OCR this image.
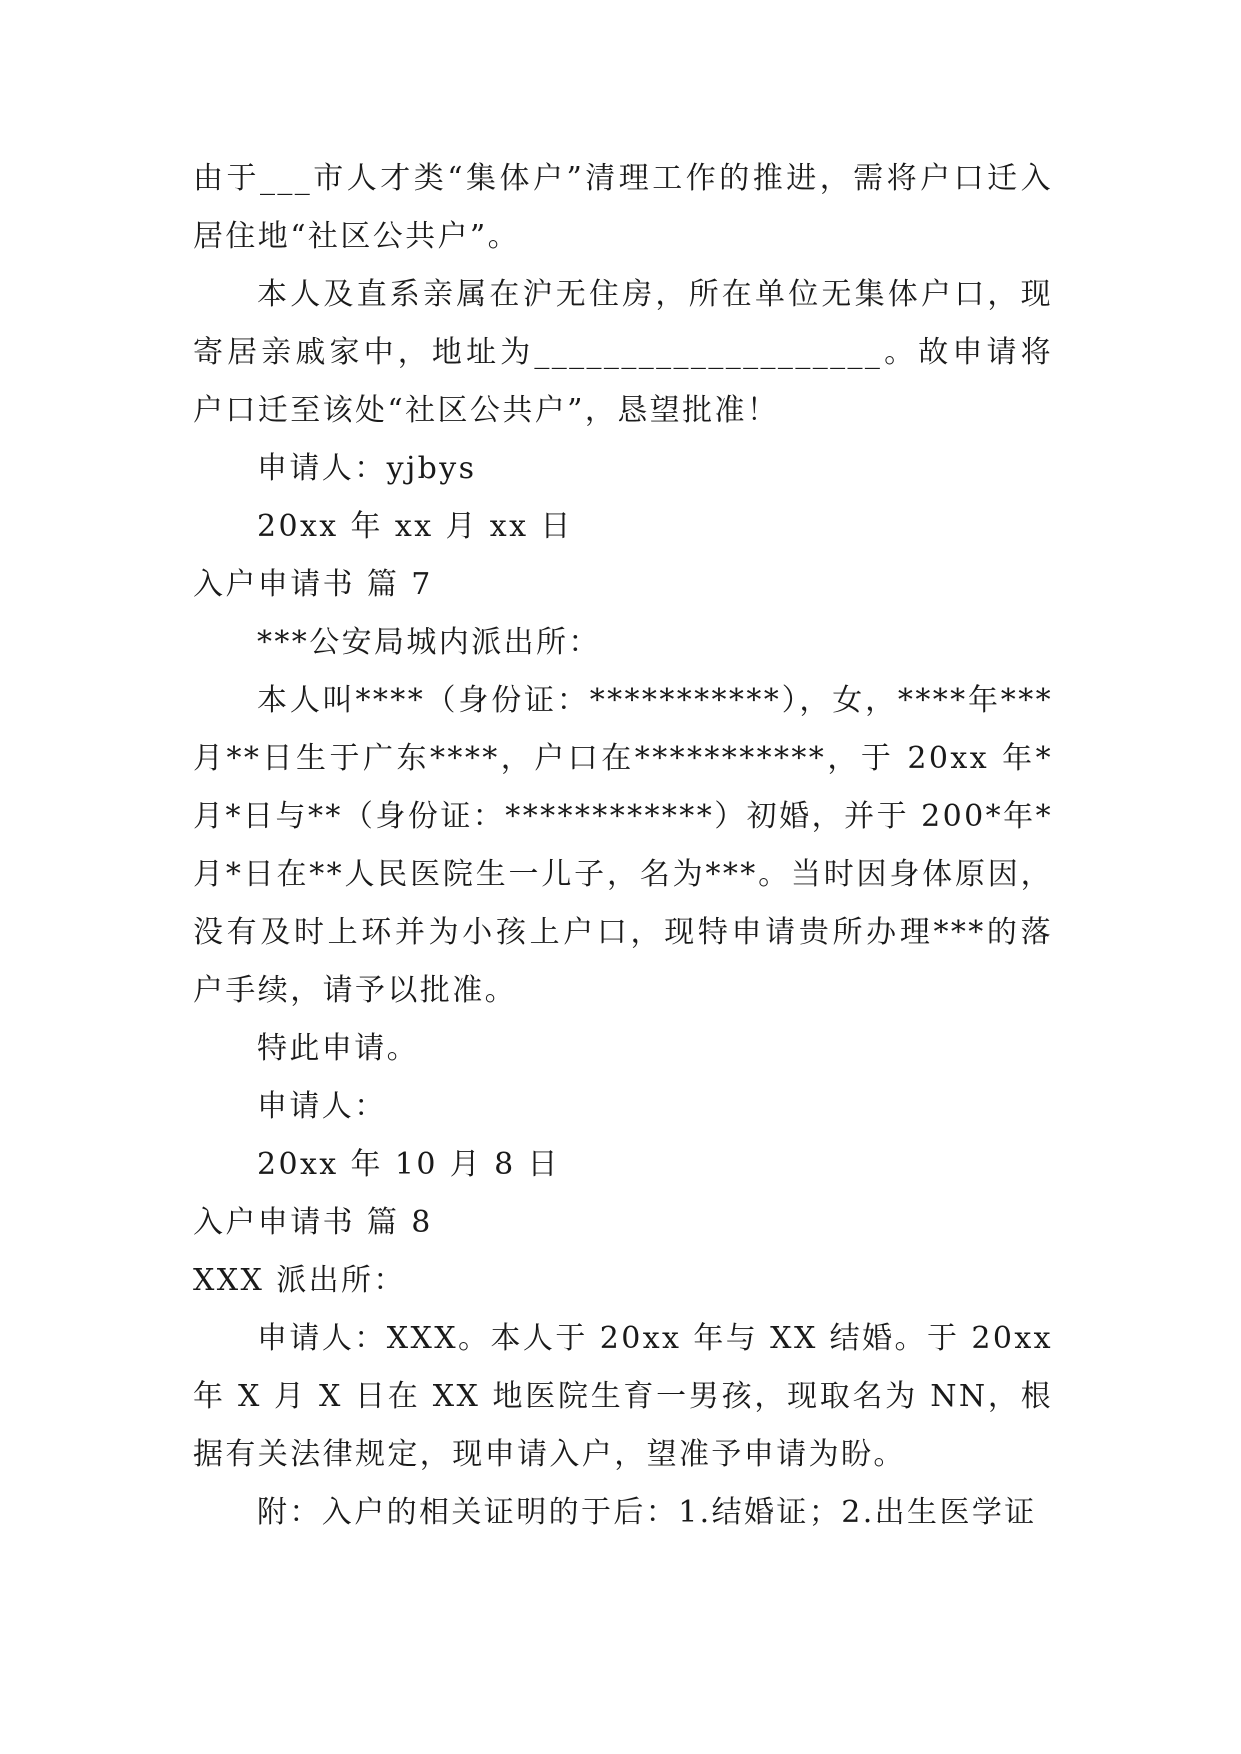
由于___市人才类“集体户”清理工作的推进，需将户口迁入居住地“社区公共户”。

本人及直系亲属在沪无住房，所在单位无集体户口，现寄居亲戚家中，地址为____________________。故申请将户口迁至该处“社区公共户”，恳望批准！

申请人：yjbys

20xx 年 xx 月 xx 日

入户申请书 篇 7

***公安局城内派出所：

本人叫****（身份证：***********），女，****年***月**日生于广东****，户口在***********，于 20xx 年*月*日与**（身份证：************）初婚，并于 200*年*月*日在**人民医院生一儿子，名为***。当时因身体原因，没有及时上环并为小孩上户口，现特申请贵所办理***的落户手续，请予以批准。

特此申请。

申请人：

20xx 年 10 月 8 日

入户申请书 篇 8

XXX 派出所：

申请人：XXX。本人于 20xx 年与 XX 结婚。于 20xx 年 X 月 X 日在 XX 地医院生育一男孩，现取名为 NN，根据有关法律规定，现申请入户，望准予申请为盼。

附：入户的相关证明的于后：1.结婚证；2.出生医学证
